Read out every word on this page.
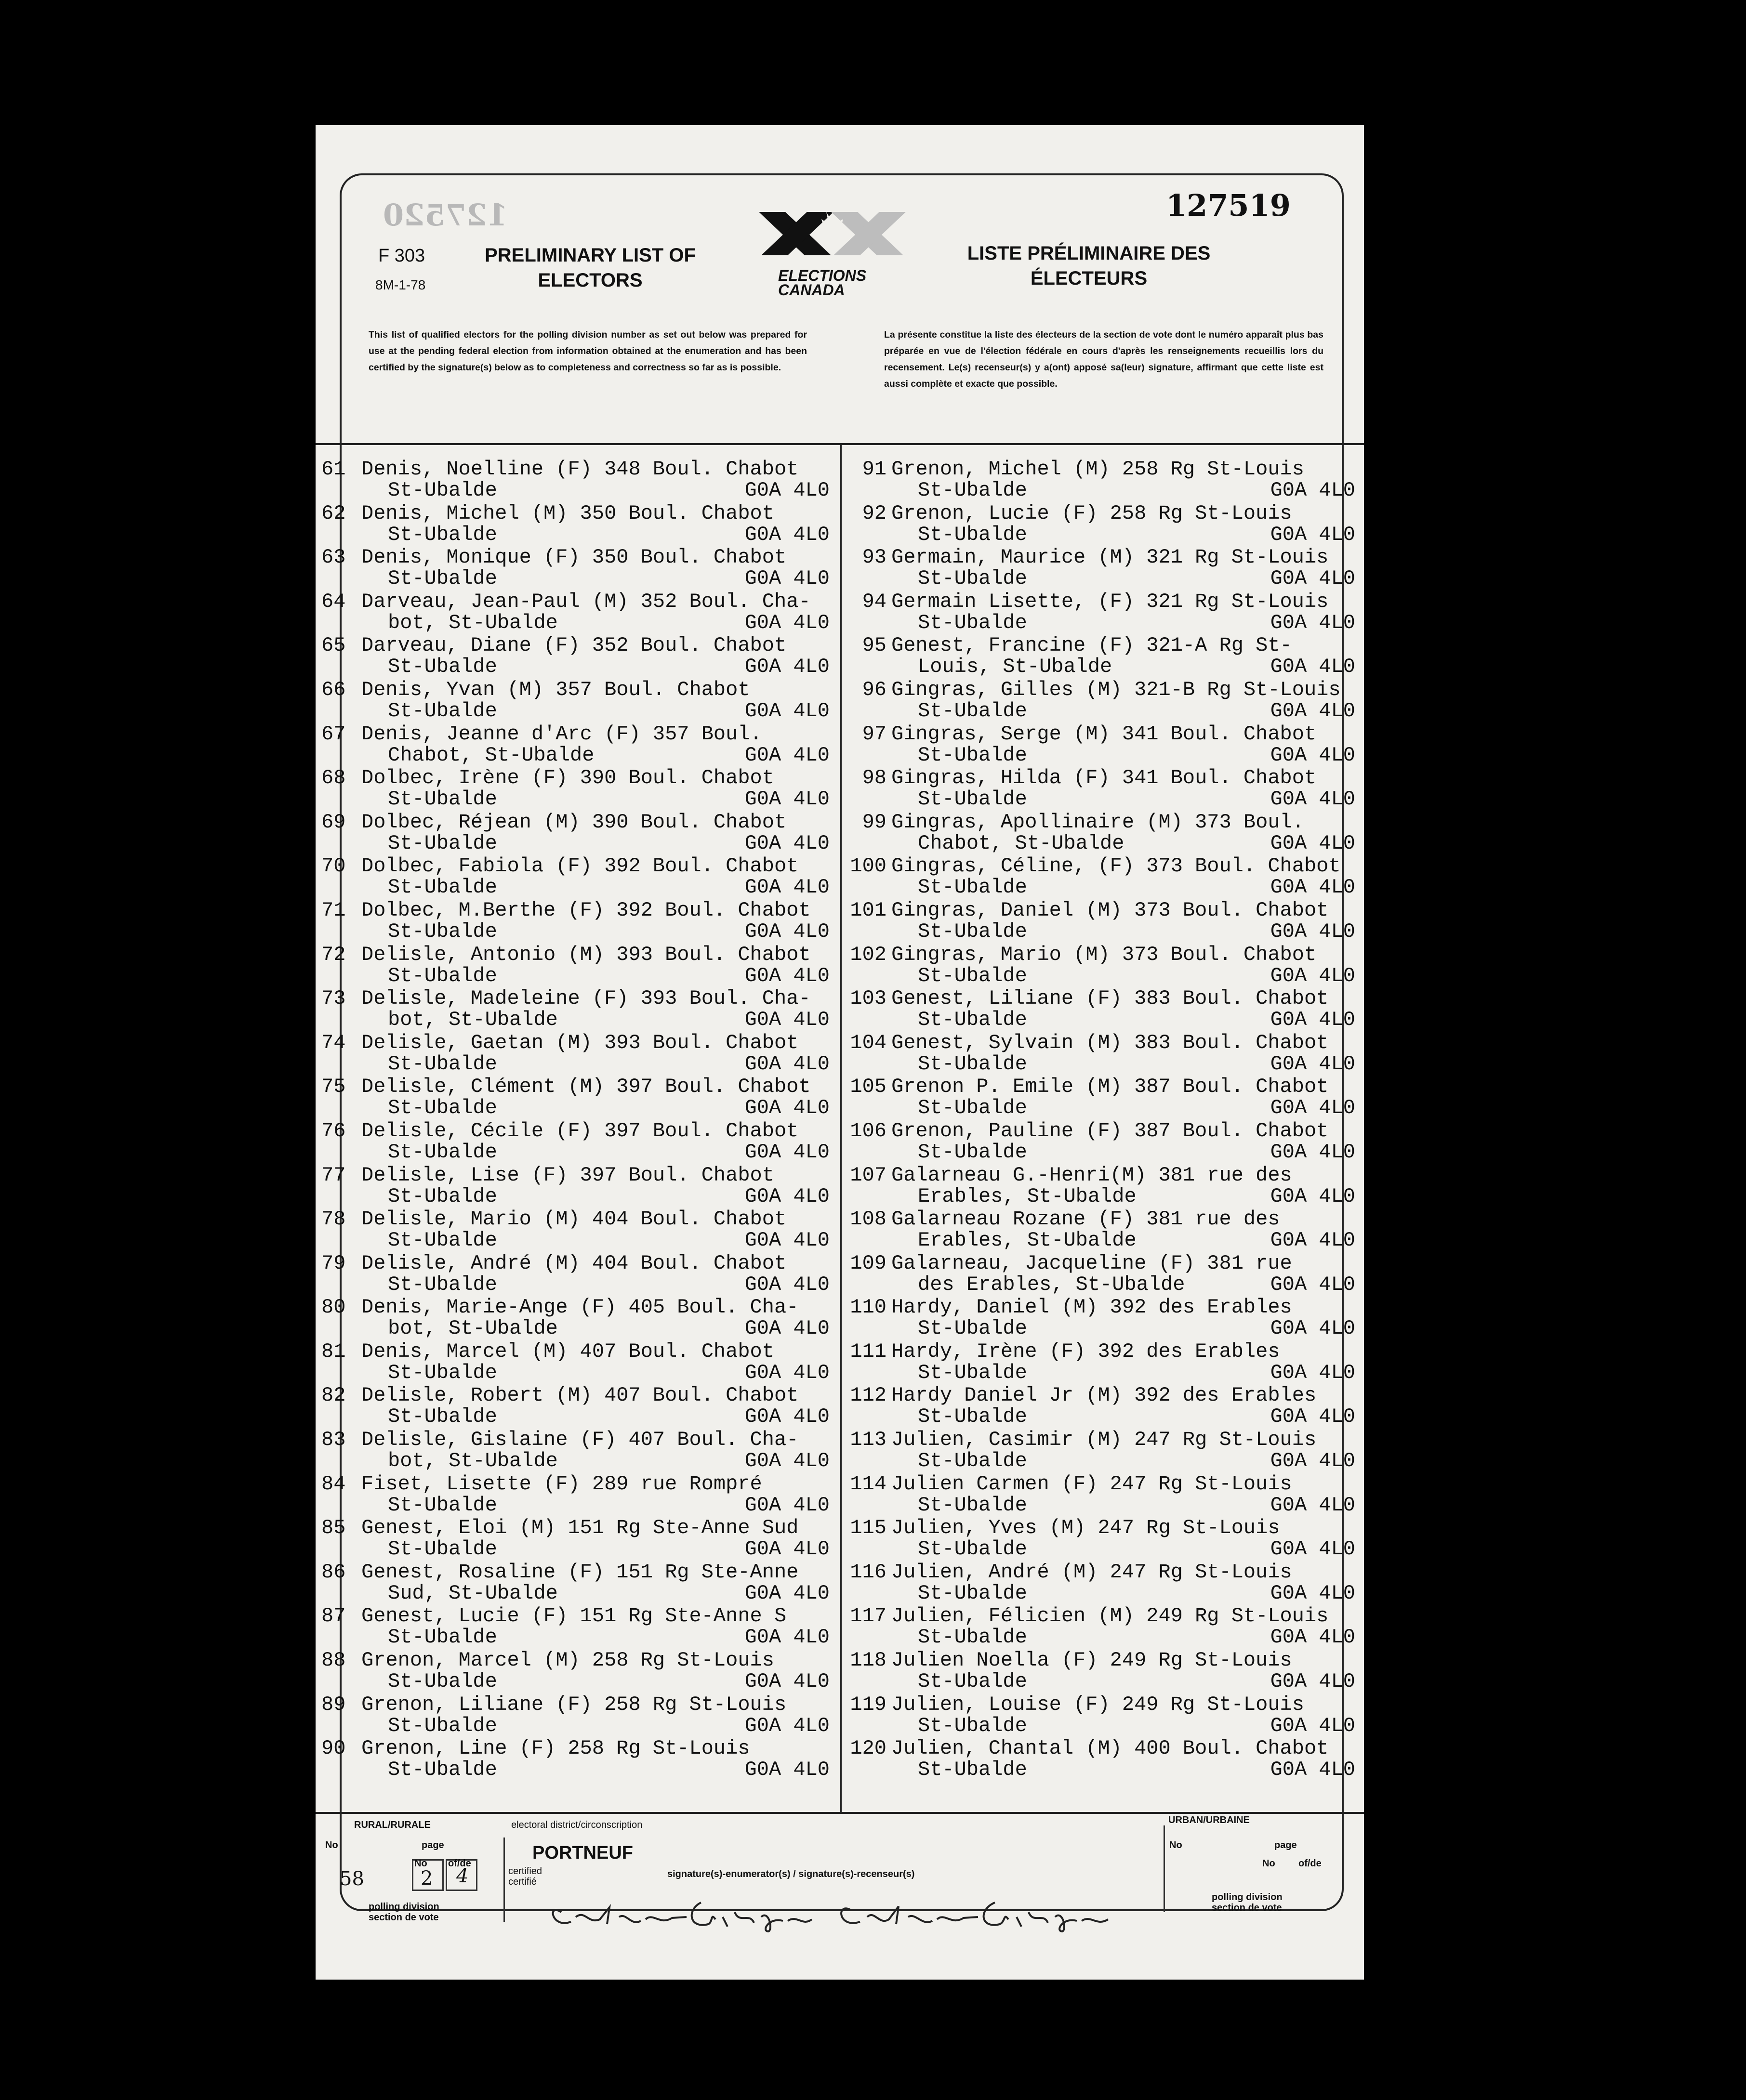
127520	127519
F 303
8M-1-78
PRELIMINARY LIST OF
ELECTORS	ELECTIONS
CANADA
LISTE PRÉLIMINAIRE DES
ÉLECTEURS
This list of qualified electors for the polling division number as set out below was prepared for use at the pending federal election from information obtained at the enumeration and has been certified by the signature(s) below as to completeness and correctness so far as is possible.
La présente constitue la liste des électeurs de la section de vote dont le numéro apparaît plus bas préparée en vue de l'élection fédérale en cours d'après les renseignements recueillis lors du recensement. Le(s) recenseur(s) y a(ont) apposé sa(leur) signature, affirmant que cette liste est aussi complète et exacte que possible.
61 Denis, Noelline (F) 348 Boul. Chabot
St-Ubalde	G0A 4L0
62 Denis, Michel (M) 350 Boul. Chabot
St-Ubalde	G0A 4L0
63 Denis, Monique (F) 350 Boul. Chabot
St-Ubalde	G0A 4L0
64 Darveau, Jean-Paul (M) 352 Boul. Cha-
bot, St-Ubalde	G0A 4L0
65 Darveau, Diane (F) 352 Boul. Chabot
St-Ubalde	G0A 4L0
66 Denis, Yvan (M) 357 Boul. Chabot
St-Ubalde	G0A 4L0
67 Denis, Jeanne d'Arc (F) 357 Boul.
Chabot, St-Ubalde	G0A 4L0
68 Dolbec, Irène (F) 390 Boul. Chabot
St-Ubalde	G0A 4L0
69 Dolbec, Réjean (M) 390 Boul. Chabot
St-Ubalde	G0A 4L0
70 Dolbec, Fabiola (F) 392 Boul. Chabot
St-Ubalde	G0A 4L0
71 Dolbec, M.Berthe (F) 392 Boul. Chabot
St-Ubalde	G0A 4L0
72 Delisle, Antonio (M) 393 Boul. Chabot
St-Ubalde	G0A 4L0
73 Delisle, Madeleine (F) 393 Boul. Cha-
bot, St-Ubalde	G0A 4L0
74 Delisle, Gaetan (M) 393 Boul. Chabot
St-Ubalde	G0A 4L0
75 Delisle, Clément (M) 397 Boul. Chabot
St-Ubalde	G0A 4L0
76 Delisle, Cécile (F) 397 Boul. Chabot
St-Ubalde	G0A 4L0
77 Delisle, Lise (F) 397 Boul. Chabot
St-Ubalde	G0A 4L0
78 Delisle, Mario (M) 404 Boul. Chabot
St-Ubalde	G0A 4L0
79 Delisle, André (M) 404 Boul. Chabot
St-Ubalde	G0A 4L0
80 Denis, Marie-Ange (F) 405 Boul. Cha-
bot, St-Ubalde	G0A 4L0
81 Denis, Marcel (M) 407 Boul. Chabot
St-Ubalde	G0A 4L0
82 Delisle, Robert (M) 407 Boul. Chabot
St-Ubalde	G0A 4L0
83 Delisle, Gislaine (F) 407 Boul. Cha-
bot, St-Ubalde	G0A 4L0
84 Fiset, Lisette (F) 289 rue Rompré
St-Ubalde	G0A 4L0
85 Genest, Eloi (M) 151 Rg Ste-Anne Sud
St-Ubalde	G0A 4L0
86 Genest, Rosaline (F) 151 Rg Ste-Anne
Sud, St-Ubalde	G0A 4L0
87 Genest, Lucie (F) 151 Rg Ste-Anne S
St-Ubalde	G0A 4L0
88 Grenon, Marcel (M) 258 Rg St-Louis
St-Ubalde	G0A 4L0
89 Grenon, Liliane (F) 258 Rg St-Louis
St-Ubalde	G0A 4L0
90 Grenon, Line (F) 258 Rg St-Louis
St-Ubalde	G0A 4L0
91 Grenon, Michel (M) 258 Rg St-Louis
St-Ubalde	G0A 4L0
92 Grenon, Lucie (F) 258 Rg St-Louis
St-Ubalde	G0A 4L0
93 Germain, Maurice (M) 321 Rg St-Louis
St-Ubalde	G0A 4L0
94 Germain Lisette, (F) 321 Rg St-Louis
St-Ubalde	G0A 4L0
95 Genest, Francine (F) 321-A Rg St-
Louis, St-Ubalde	G0A 4L0
96 Gingras, Gilles (M) 321-B Rg St-Louis
St-Ubalde	G0A 4L0
97 Gingras, Serge (M) 341 Boul. Chabot
St-Ubalde	G0A 4L0
98 Gingras, Hilda (F) 341 Boul. Chabot
St-Ubalde	G0A 4L0
99 Gingras, Apollinaire (M) 373 Boul.
Chabot, St-Ubalde	G0A 4L0
100 Gingras, Céline, (F) 373 Boul. Chabot
St-Ubalde	G0A 4L0
101 Gingras, Daniel (M) 373 Boul. Chabot
St-Ubalde	G0A 4L0
102 Gingras, Mario (M) 373 Boul. Chabot
St-Ubalde	G0A 4L0
103 Genest, Liliane (F) 383 Boul. Chabot
St-Ubalde	G0A 4L0
104 Genest, Sylvain (M) 383 Boul. Chabot
St-Ubalde	G0A 4L0
105 Grenon P. Emile (M) 387 Boul. Chabot
St-Ubalde	G0A 4L0
106 Grenon, Pauline (F) 387 Boul. Chabot
St-Ubalde	G0A 4L0
107 Galarneau G.-Henri(M) 381 rue des
Erables, St-Ubalde	G0A 4L0
108 Galarneau Rozane (F) 381 rue des
Erables, St-Ubalde	G0A 4L0
109 Galarneau, Jacqueline (F) 381 rue
des Erables, St-Ubalde	G0A 4L0
110 Hardy, Daniel (M) 392 des Erables
St-Ubalde	G0A 4L0
111 Hardy, Irène (F) 392 des Erables
St-Ubalde	G0A 4L0
112 Hardy Daniel Jr (M) 392 des Erables
St-Ubalde	G0A 4L0
113 Julien, Casimir (M) 247 Rg St-Louis
St-Ubalde	G0A 4L0
114 Julien Carmen (F) 247 Rg St-Louis
St-Ubalde	G0A 4L0
115 Julien, Yves (M) 247 Rg St-Louis
St-Ubalde	G0A 4L0
116 Julien, André (M) 247 Rg St-Louis
St-Ubalde	G0A 4L0
117 Julien, Félicien (M) 249 Rg St-Louis
St-Ubalde	G0A 4L0
118 Julien Noella (F) 249 Rg St-Louis
St-Ubalde	G0A 4L0
119 Julien, Louise (F) 249 Rg St-Louis
St-Ubalde	G0A 4L0
120 Julien, Chantal (M) 400 Boul. Chabot
St-Ubalde	G0A 4L0
RURAL/RURALE	URBAN/URBAINE
electoral district/circonscription
PORTNEUF
No	page
No
2
of/de
4
58
polling division
section de vote
certified
certifié
signature(s)-enumerator(s) / signature(s)-recenseur(s)
No	page
No of/de
polling division
section de vote
